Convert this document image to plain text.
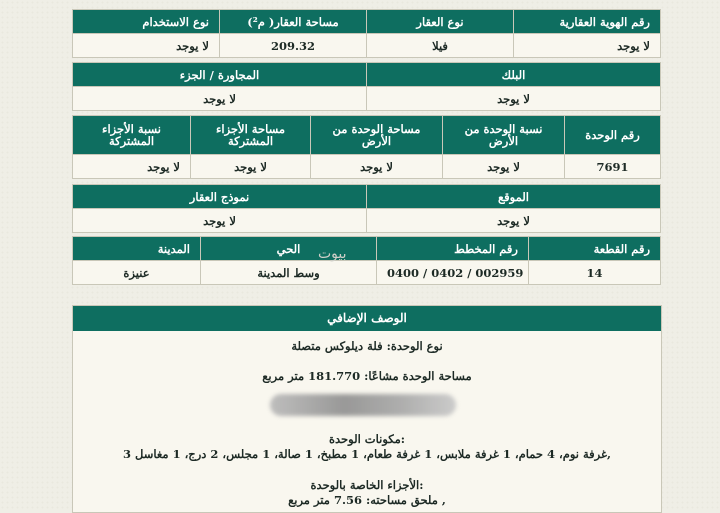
رقم الهوية العقارية	نوع العقار	مساحة العقار( م²)	نوع الاستخدام
لا يوجد	فيلا	209.32	لا يوجد
البلك	المجاورة / الجزء
لا يوجد	لا يوجد
رقم الوحدة	نسبة الوحدة من الأرض	مساحة الوحدة من الأرض	مساحة الأجزاء المشتركة	نسبة الأجزاء المشتركة
7691	لا يوجد	لا يوجد	لا يوجد	لا يوجد
الموقع	نموذج العقار
لا يوجد	لا يوجد
رقم القطعة	رقم المخطط	الحي	المدينة
14	0400 / 0402 / 002959	وسط المدينة	عنيزة
بيوت
الوصف الإضافي
نوع الوحدة: فلة ديلوكس متصلة
مساحة الوحدة مشاعًا: 181.770 متر مربع
:مكونات الوحدة
,غرفة نوم، 4 حمام، 1 غرفة ملابس، 1 غرفة طعام، 1 مطبخ، 1 صالة، 1 مجلس، 2 درج، 1 مغاسل 3
:الأجزاء الخاصة بالوحدة
, ملحق مساحته: 7.56 متر مربع
